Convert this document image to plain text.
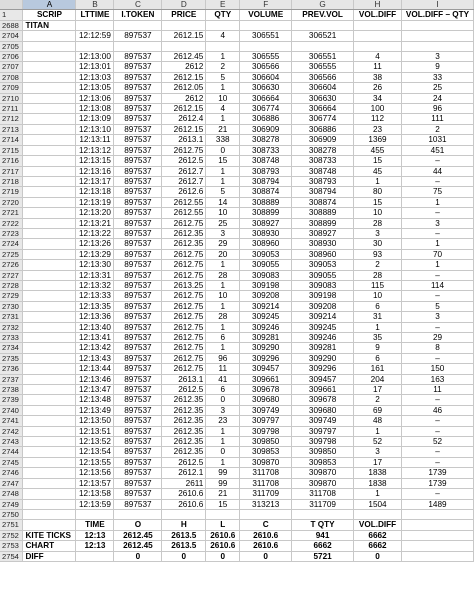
	A	B	C	D	E	F	G	H	I
1	SCRIP	LTTIME	I.TOKEN	PRICE	QTY	VOLUME	PREV.VOL	VOL.DIFF	VOL.DIFF – QTY
2688	TITAN								
2704		12:12:59	897537	2612.15	4	306551	306521		
2705									
2706		12:13:00	897537	2612.45	1	306555	306551	4	3
2707		12:13:01	897537	2612	2	306566	306555	11	9
2708		12:13:03	897537	2612.15	5	306604	306566	38	33
2709		12:13:05	897537	2612.05	1	306630	306604	26	25
2710		12:13:06	897537	2612	10	306664	306630	34	24
2711		12:13:08	897537	2612.15	4	306774	306664	100	96
2712		12:13:09	897537	2612.4	1	306886	306774	112	111
2713		12:13:10	897537	2612.15	21	306909	306886	23	2
2714		12:13:11	897537	2613.1	338	308278	306909	1369	1031
2715		12:13:12	897537	2612.75	0	308733	308278	455	451
2716		12:13:15	897537	2612.5	15	308748	308733	15	–
2717		12:13:16	897537	2612.7	1	308793	308748	45	44
2718		12:13:17	897537	2612.7	1	308794	308793	1	–
2719		12:13:18	897537	2612.6	5	308874	308794	80	75
2720		12:13:19	897537	2612.55	14	308889	308874	15	1
2721		12:13:20	897537	2612.55	10	308899	308889	10	–
2722		12:13:21	897537	2612.75	25	308927	308899	28	3
2723		12:13:22	897537	2612.35	3	308930	308927	3	–
2724		12:13:26	897537	2612.35	29	308960	308930	30	1
2725		12:13:29	897537	2612.75	20	309053	308960	93	70
2726		12:13:30	897537	2612.75	1	309055	309053	2	1
2727		12:13:31	897537	2612.75	28	309083	309055	28	–
2728		12:13:32	897537	2613.25	1	309198	309083	115	114
2729		12:13:33	897537	2612.75	10	309208	309198	10	–
2730		12:13:35	897537	2612.75	1	309214	309208	6	5
2731		12:13:36	897537	2612.75	28	309245	309214	31	3
2732		12:13:40	897537	2612.75	1	309246	309245	1	–
2733		12:13:41	897537	2612.75	6	309281	309246	35	29
2734		12:13:42	897537	2612.75	1	309290	309281	9	8
2735		12:13:43	897537	2612.75	96	309296	309290	6	–
2736		12:13:44	897537	2612.75	11	309457	309296	161	150
2737		12:13:46	897537	2613.1	41	309661	309457	204	163
2738		12:13:47	897537	2612.5	6	309678	309661	17	11
2739		12:13:48	897537	2612.35	0	309680	309678	2	–
2740		12:13:49	897537	2612.35	3	309749	309680	69	46
2741		12:13:50	897537	2612.35	23	309797	309749	48	–
2742		12:13:51	897537	2612.35	1	309798	309797	1	–
2743		12:13:52	897537	2612.35	1	309850	309798	52	52
2744		12:13:54	897537	2612.35	0	309853	309850	3	–
2745		12:13:55	897537	2612.5	1	309870	309853	17	–
2746		12:13:56	897537	2612.1	99	311708	309870	1838	1739
2747		12:13:57	897537	2611	99	311708	309870	1838	1739
2748		12:13:58	897537	2610.6	21	311709	311708	1	–
2749		12:13:59	897537	2610.6	15	313213	311709	1504	1489
2750									
2751		TIME	O	H	L	C	T QTY	VOL.DIFF	
2752	KITE TICKS	12:13	2612.45	2613.5	2610.6	2610.6	941	6662	
2753	CHART	12:13	2612.45	2613.5	2610.6	2610.6	6662	6662	
2754	DIFF		0	0	0	0	5721	0	
